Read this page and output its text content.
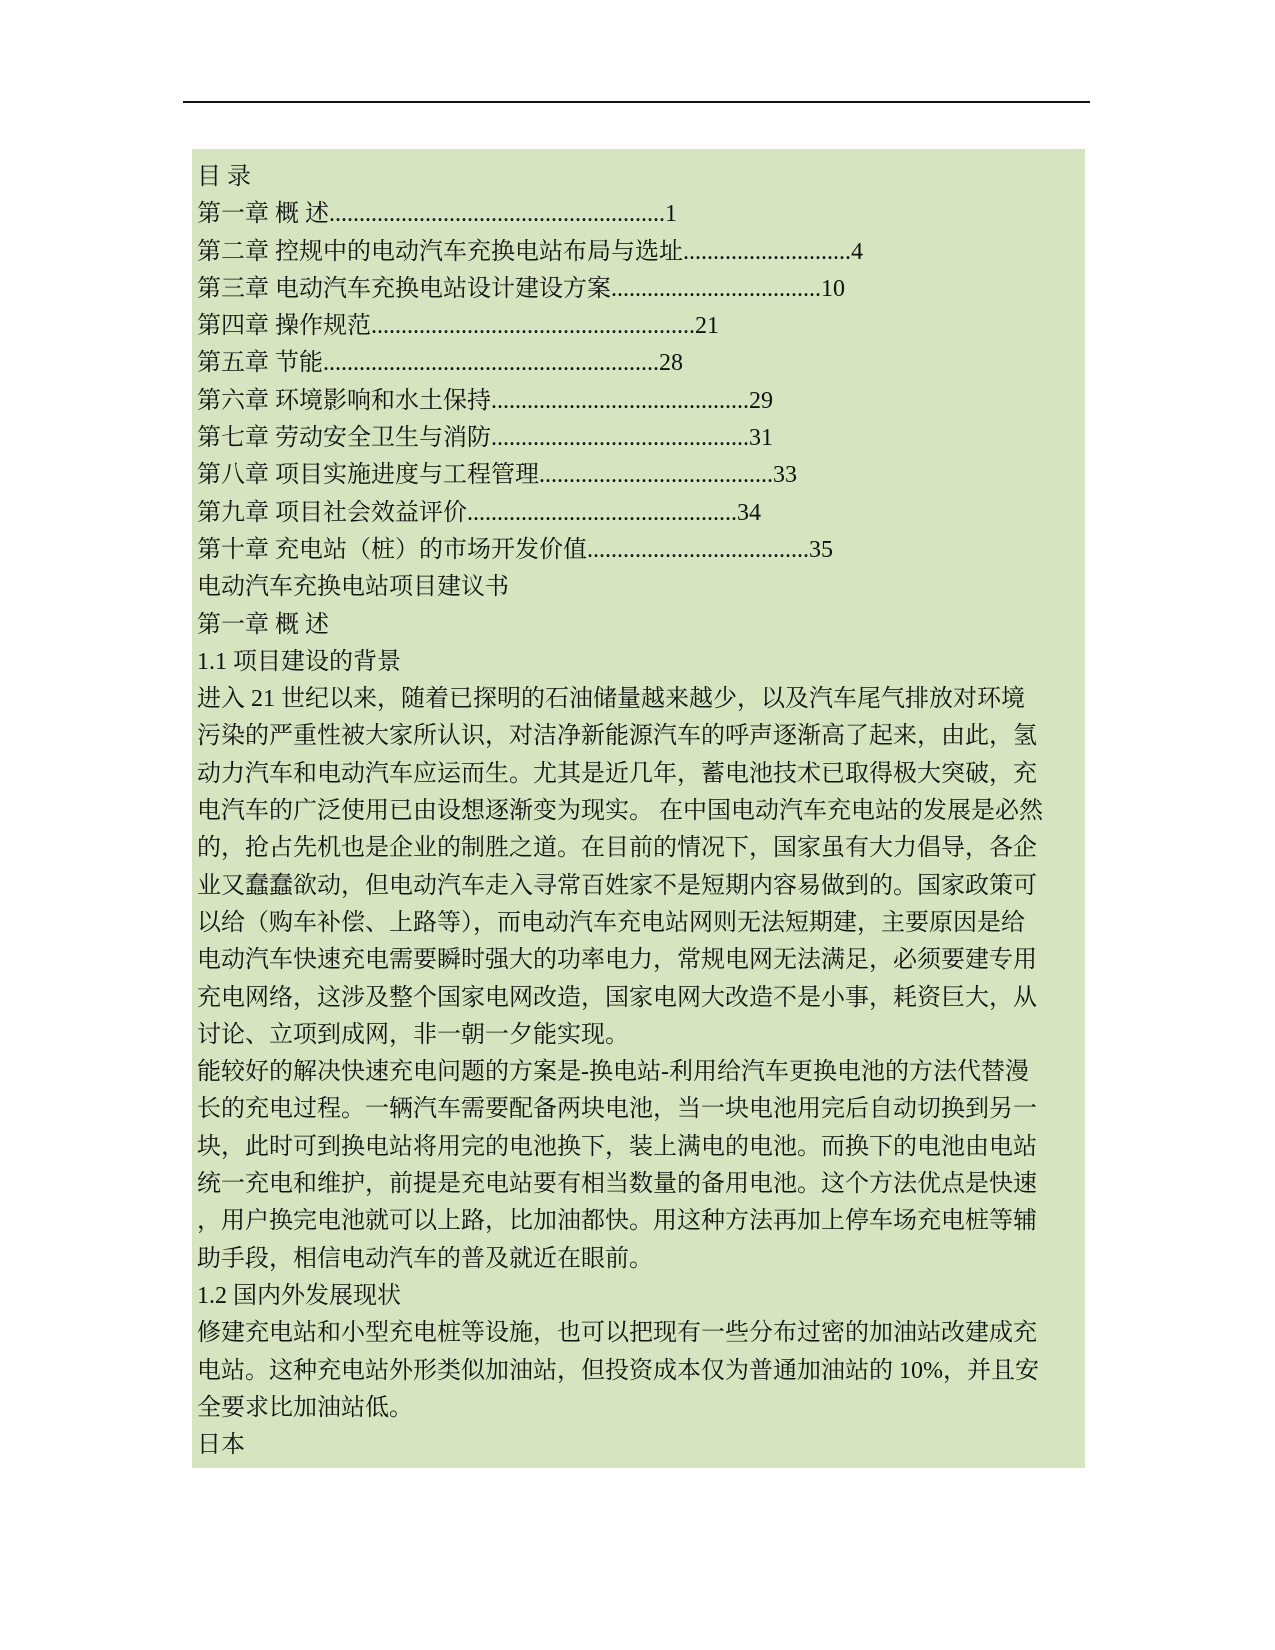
目 录
第一章 概 述 ........................................................ 1
第二章 控规中的电动汽车充换电站布局与选址 ............................ 4
第三章 电动汽车充换电站设计建设方案 ................................... 10
第四章 操作规范 ...................................................... 21
第五章 节能 ........................................................ 28
第六章 环境影响和水土保持 ........................................... 29
第七章 劳动安全卫生与消防 ........................................... 31
第八章 项目实施进度与工程管理 ....................................... 33
第九章 项目社会效益评价 ............................................. 34
第十章 充电站（桩）的市场开发价值 ..................................... 35
电动汽车充换电站项目建议书
第一章 概 述
1.1 项目建设的背景
进入 21 世纪以来，随着已探明的石油储量越来越少，以及汽车尾气排放对环境
污染的严重性被大家所认识，对洁净新能源汽车的呼声逐渐高了起来，由此，氢
动力汽车和电动汽车应运而生。尤其是近几年，蓄电池技术已取得极大突破，充
电汽车的广泛使用已由设想逐渐变为现实。 在中国电动汽车充电站的发展是必然
的，抢占先机也是企业的制胜之道。在目前的情况下，国家虽有大力倡导，各企
业又蠢蠢欲动，但电动汽车走入寻常百姓家不是短期内容易做到的。国家政策可
以给（购车补偿、上路等），而电动汽车充电站网则无法短期建，主要原因是给
电动汽车快速充电需要瞬时强大的功率电力，常规电网无法满足，必须要建专用
充电网络，这涉及整个国家电网改造，国家电网大改造不是小事，耗资巨大，从
讨论、立项到成网，非一朝一夕能实现。
能较好的解决快速充电问题的方案是-换电站-利用给汽车更换电池的方法代替漫
长的充电过程。一辆汽车需要配备两块电池，当一块电池用完后自动切换到另一
块，此时可到换电站将用完的电池换下，装上满电的电池。而换下的电池由电站
统一充电和维护，前提是充电站要有相当数量的备用电池。这个方法优点是快速
，用户换完电池就可以上路，比加油都快。用这种方法再加上停车场充电桩等辅
助手段，相信电动汽车的普及就近在眼前。
1.2 国内外发展现状
修建充电站和小型充电桩等设施，也可以把现有一些分布过密的加油站改建成充
电站。这种充电站外形类似加油站，但投资成本仅为普通加油站的 10%，并且安
全要求比加油站低。
日本
